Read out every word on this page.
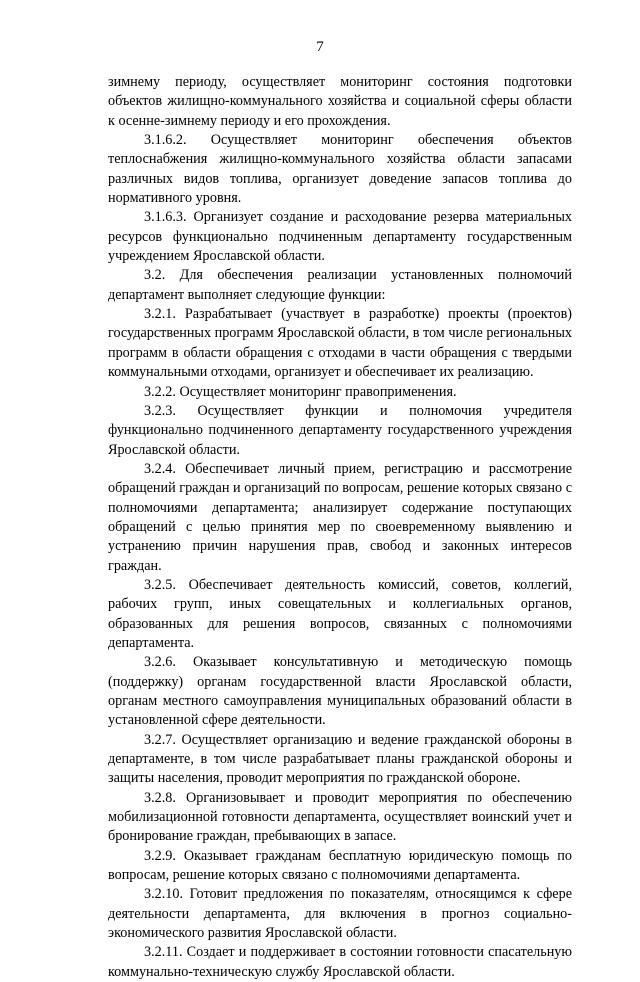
7

зимнему периоду, осуществляет мониторинг состояния подготовки объектов жилищно-коммунального хозяйства и социальной сферы области к осенне-зимнему периоду и его прохождения.

3.1.6.2. Осуществляет мониторинг обеспечения объектов теплоснабжения жилищно-коммунального хозяйства области запасами различных видов топлива, организует доведение запасов топлива до нормативного уровня.

3.1.6.3. Организует создание и расходование резерва материальных ресурсов функционально подчиненным департаменту государственным учреждением Ярославской области.

3.2. Для обеспечения реализации установленных полномочий департамент выполняет следующие функции:

3.2.1. Разрабатывает (участвует в разработке) проекты (проектов) государственных программ Ярославской области, в том числе региональных программ в области обращения с отходами в части обращения с твердыми коммунальными отходами, организует и обеспечивает их реализацию.

3.2.2. Осуществляет мониторинг правоприменения.

3.2.3. Осуществляет функции и полномочия учредителя функционально подчиненного департаменту государственного учреждения Ярославской области.

3.2.4. Обеспечивает личный прием, регистрацию и рассмотрение обращений граждан и организаций по вопросам, решение которых связано с полномочиями департамента; анализирует содержание поступающих обращений с целью принятия мер по своевременному выявлению и устранению причин нарушения прав, свобод и законных интересов граждан.

3.2.5. Обеспечивает деятельность комиссий, советов, коллегий, рабочих групп, иных совещательных и коллегиальных органов, образованных для решения вопросов, связанных с полномочиями департамента.

3.2.6. Оказывает консультативную и методическую помощь (поддержку) органам государственной власти Ярославской области, органам местного самоуправления муниципальных образований области в установленной сфере деятельности.

3.2.7. Осуществляет организацию и ведение гражданской обороны в департаменте, в том числе разрабатывает планы гражданской обороны и защиты населения, проводит мероприятия по гражданской обороне.

3.2.8. Организовывает и проводит мероприятия по обеспечению мобилизационной готовности департамента, осуществляет воинский учет и бронирование граждан, пребывающих в запасе.

3.2.9. Оказывает гражданам бесплатную юридическую помощь по вопросам, решение которых связано с полномочиями департамента.

3.2.10. Готовит предложения по показателям, относящимся к сфере деятельности департамента, для включения в прогноз социально-экономического развития Ярославской области.

3.2.11. Создает и поддерживает в состоянии готовности спасательную коммунально-техническую службу Ярославской области.
